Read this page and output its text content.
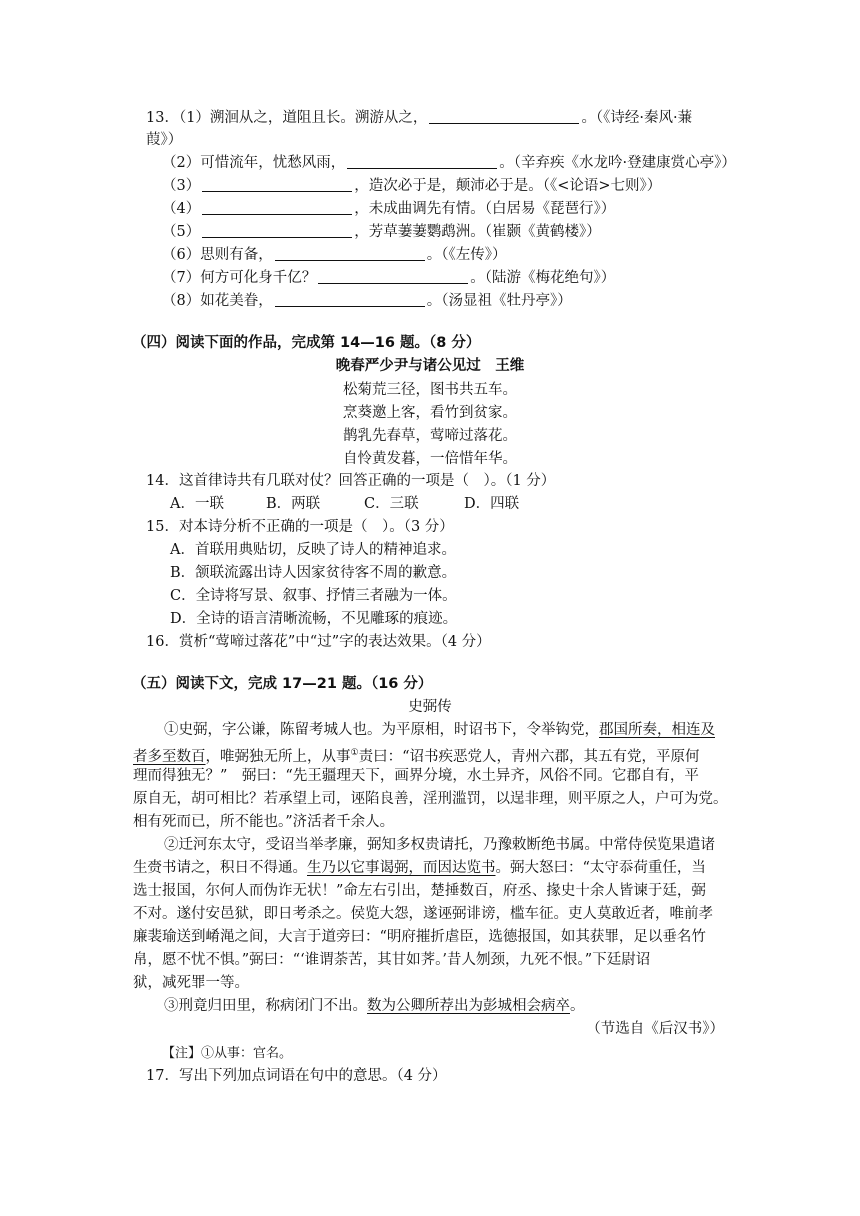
13．（1）溯洄从之，道阻且长。溯游从之，	。（《诗经·秦风·蒹
葭》）
（2）可惜流年，忧愁风雨，	。（辛弃疾《水龙吟·登建康赏心亭》）
（3）	，造次必于是，颠沛必于是。（《<论语>七则》）
（4）	，未成曲调先有情。（白居易《琵琶行》）
（5）	，芳草萋萋鹦鹉洲。（崔颢《黄鹤楼》）
（6）思则有备，	。（《左传》）
（7）何方可化身千亿？	。（陆游《梅花绝句》）
（8）如花美眷，	。（汤显祖《牡丹亭》）
（四）阅读下面的作品，完成第 14—16 题。（8 分）
晚春严少尹与诸公见过　王维
松菊荒三径，图书共五车。
烹葵邀上客，看竹到贫家。
鹊乳先春草，莺啼过落花。
自怜黄发暮，一倍惜年华。
14．这首律诗共有几联对仗？回答正确的一项是（　）。（1 分）
A．一联	B．两联	C．三联	D．四联
15．对本诗分析不正确的一项是（　）。（3 分）
A．首联用典贴切，反映了诗人的精神追求。
B．颔联流露出诗人因家贫待客不周的歉意。
C．全诗将写景、叙事、抒情三者融为一体。
D．全诗的语言清晰流畅，不见雕琢的痕迹。
16．赏析“莺啼过落花”中“过”字的表达效果。（4 分）
（五）阅读下文，完成 17—21 题。（16 分）
史弼传
①史弼，字公谦，陈留考城人也。为平原相，时诏书下，令举钩党，郡国所奏，相连及
者多至数百，唯弼独无所上，从事①责曰：“诏书疾恶党人，青州六郡，其五有党，平原何
理而得独无？”　弼曰：“先王疆理天下，画界分境，水土异齐，风俗不同。它郡自有，平
原自无，胡可相比？若承望上司，诬陷良善，淫刑滥罚，以逞非理，则平原之人，户可为党。
相有死而已，所不能也。”济活者千余人。
②迁河东太守，受诏当举孝廉，弼知多权贵请托，乃豫敕断绝书属。中常侍侯览果遣诸
生赍书请之，积日不得通。生乃以它事谒弼，而因达览书。弼大怒曰：“太守忝荷重任，当
选士报国，尔何人而伪诈无状！”命左右引出，楚捶数百，府丞、掾史十余人皆谏于廷，弼
不对。遂付安邑狱，即日考杀之。侯览大怨，遂诬弼诽谤，槛车征。吏人莫敢近者，唯前孝
廉裴瑜送到崤渑之间，大言于道旁曰：“明府摧折虐臣，选德报国，如其获罪，足以垂名竹
帛，愿不忧不惧。”弼曰：“‘谁谓荼苦，其甘如荠。’昔人刎颈，九死不恨。”下廷尉诏
狱，减死罪一等。
③刑竟归田里，称病闭门不出。数为公卿所荐出为彭城相会病卒。
（节选自《后汉书》）
【注】①从事：官名。
17．写出下列加点词语在句中的意思。（4 分）
